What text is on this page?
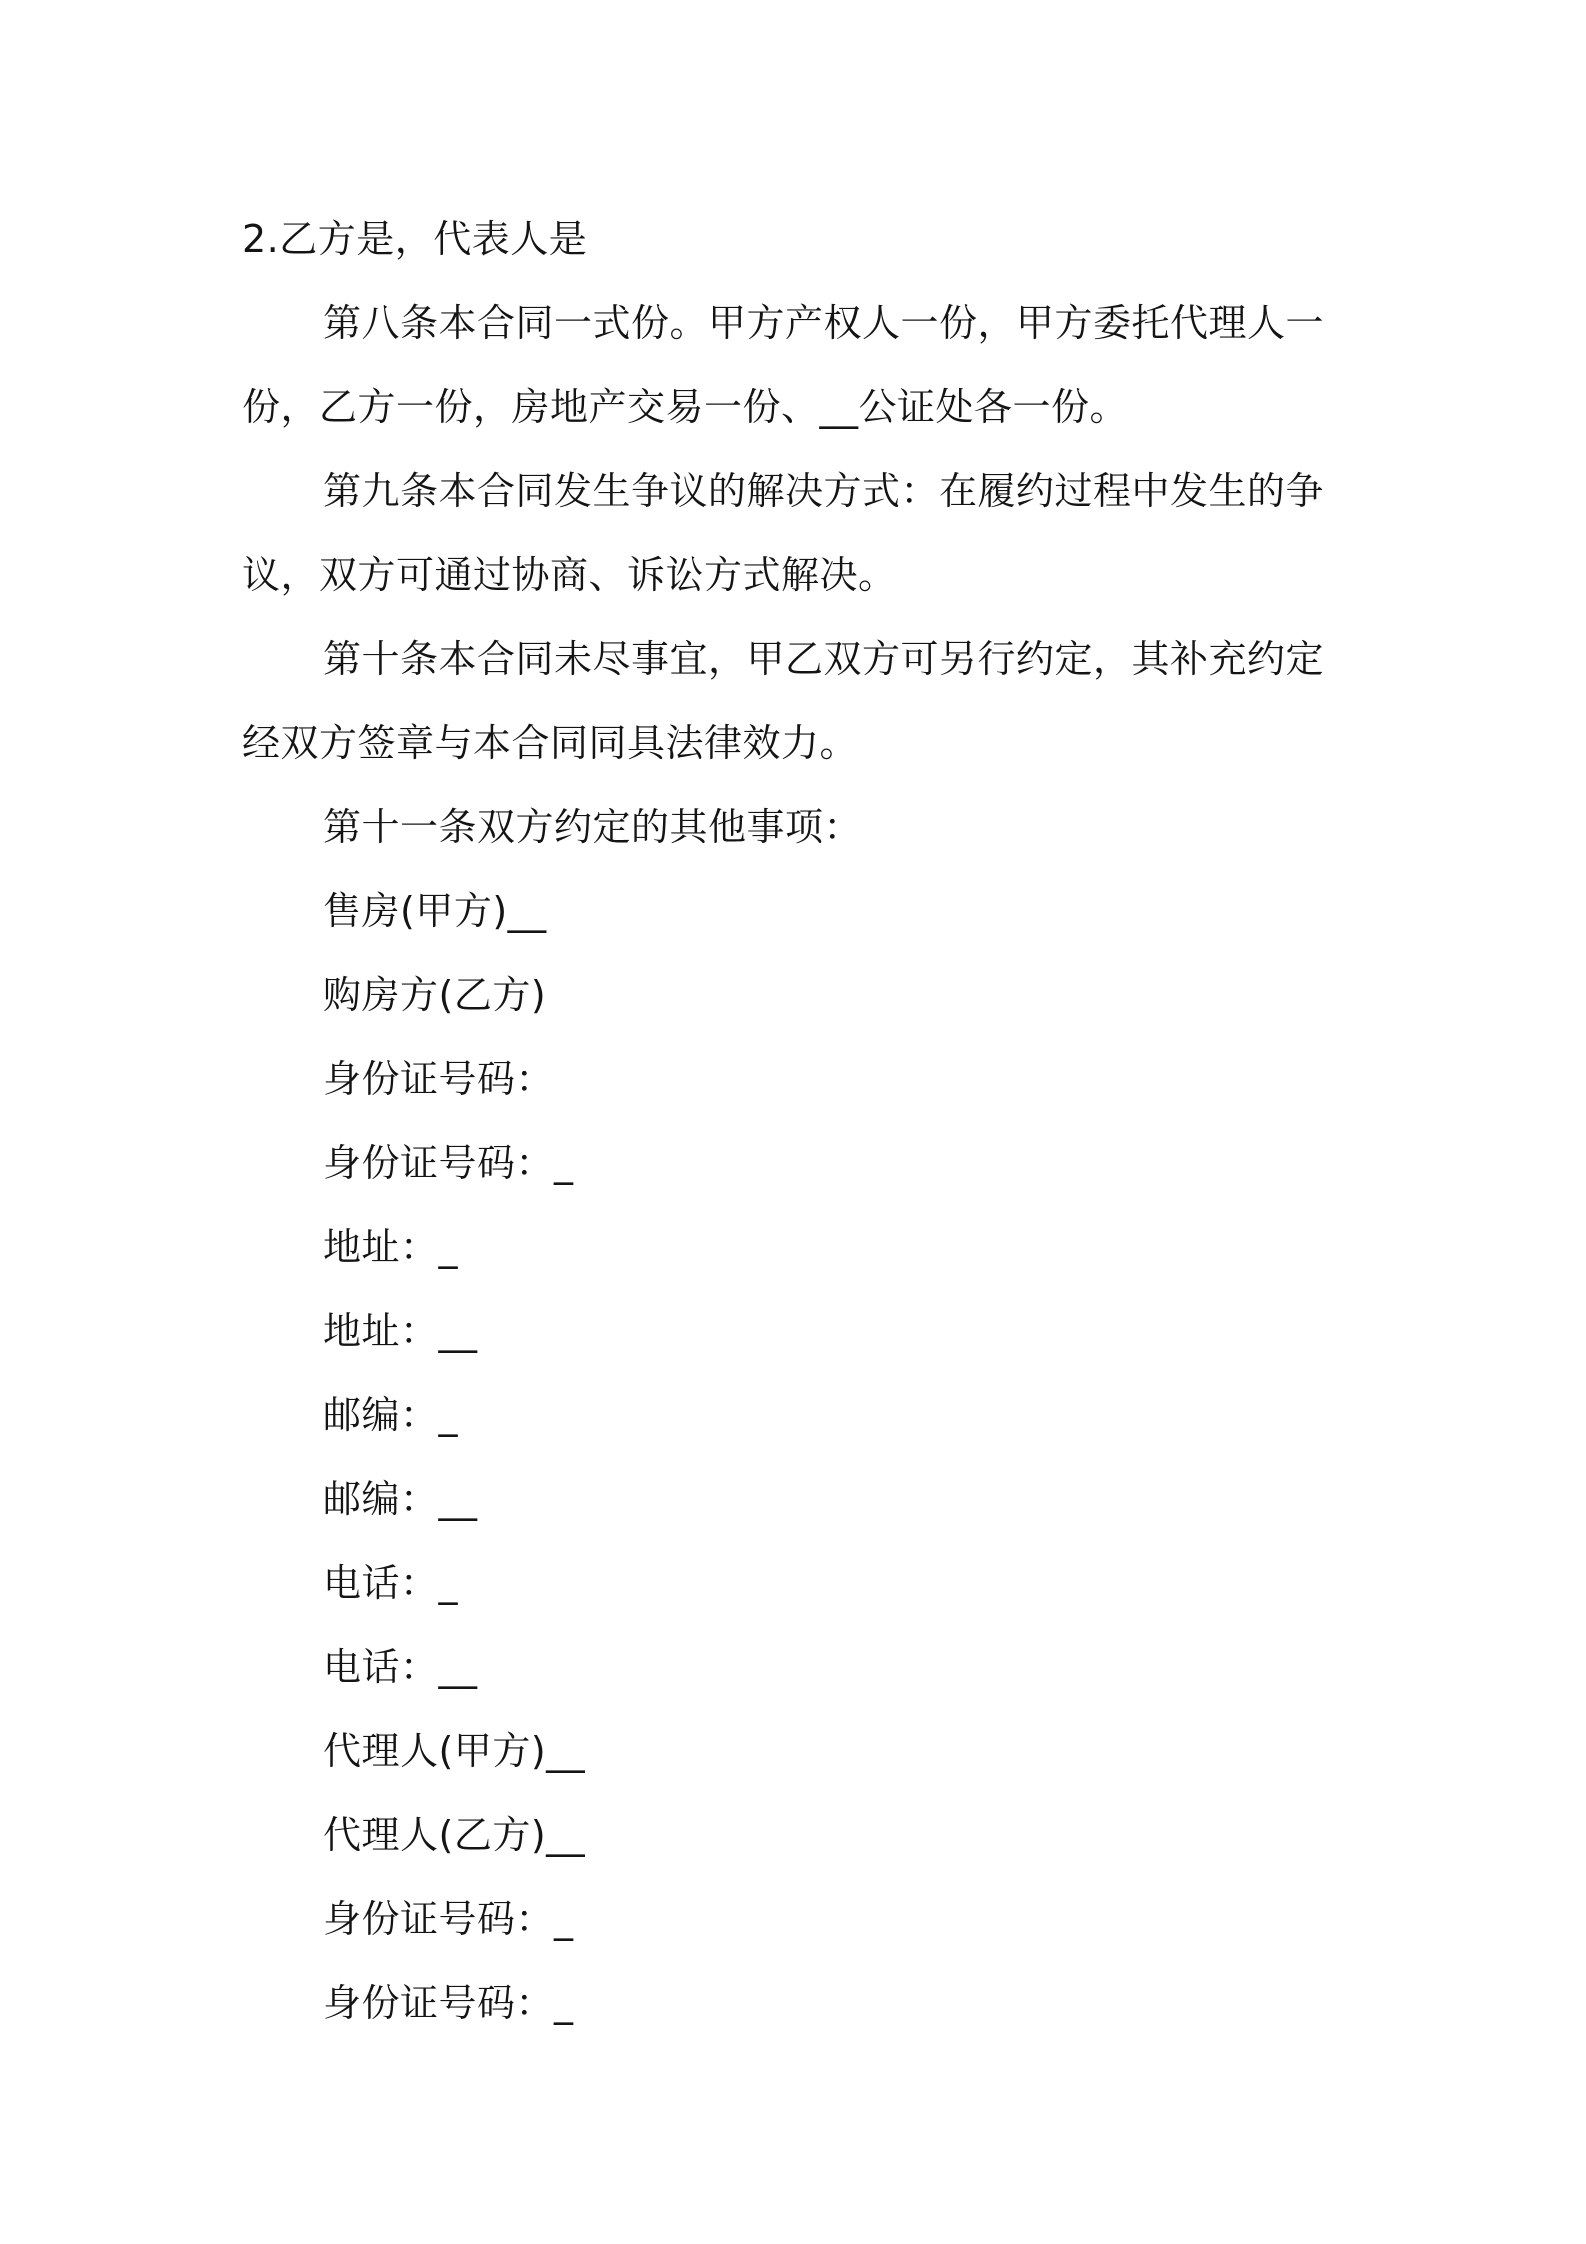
2.乙方是，代表人是
第八条本合同一式份。甲方产权人一份，甲方委托代理人一
份，乙方一份，房地产交易一份、__公证处各一份。
第九条本合同发生争议的解决方式：在履约过程中发生的争
议，双方可通过协商、诉讼方式解决。
第十条本合同未尽事宜，甲乙双方可另行约定，其补充约定
经双方签章与本合同同具法律效力。
第十一条双方约定的其他事项：
售房(甲方)__
购房方(乙方)
身份证号码：
身份证号码：_
地址：_
地址：__
邮编：_
邮编：__
电话：_
电话：__
代理人(甲方)__
代理人(乙方)__
身份证号码：_
身份证号码：_
